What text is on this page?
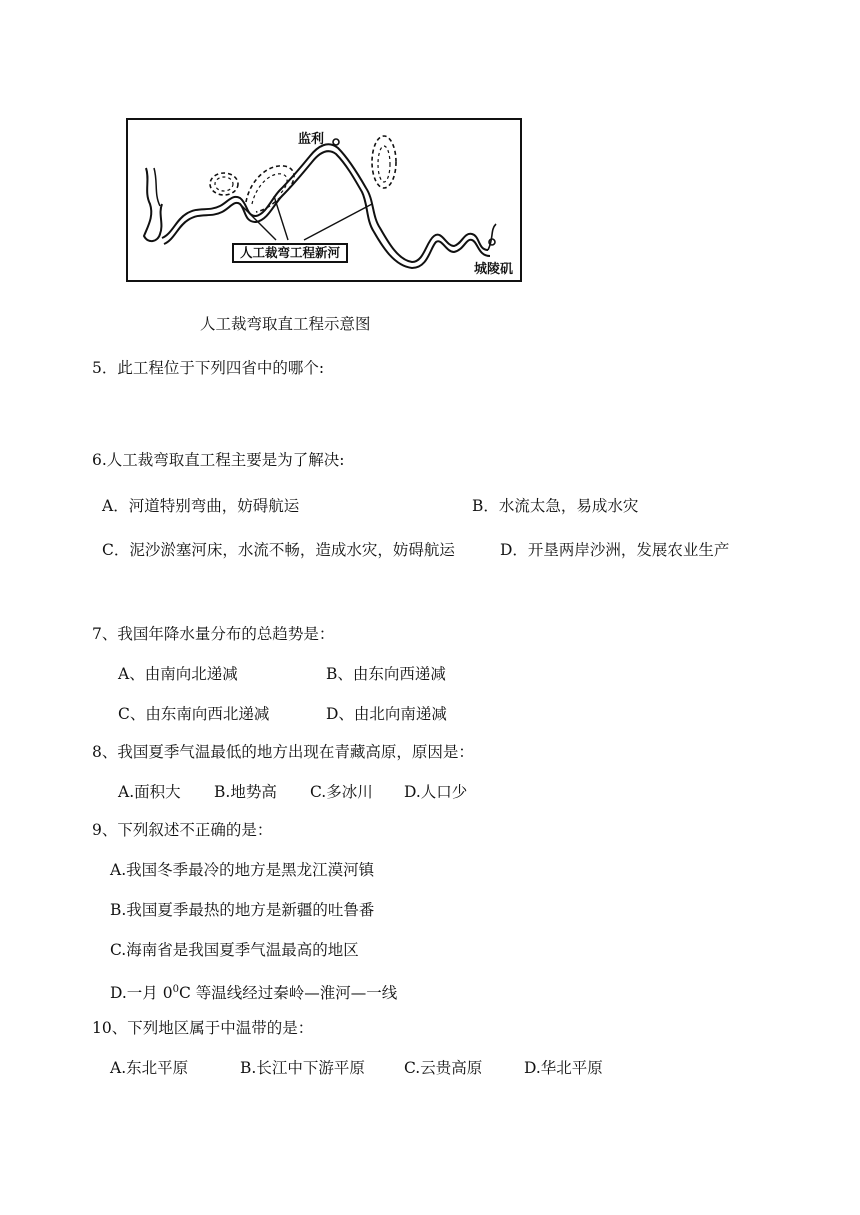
监利
城陵矶
人工裁弯工程新河
人工裁弯取直工程示意图
5．此工程位于下列四省中的哪个:
6.人工裁弯取直工程主要是为了解决:
A．河道特别弯曲，妨碍航运	B．水流太急，易成水灾
C．泥沙淤塞河床，水流不畅，造成水灾，妨碍航运	D．开垦两岸沙洲，发展农业生产
7、我国年降水量分布的总趋势是：
A、由南向北递减	B、由东向西递减
C、由东南向西北递减	D、由北向南递减
8、我国夏季气温最低的地方出现在青藏高原，原因是：
A.面积大 B.地势高 C.多冰川 D.人口少
9、下列叙述不正确的是：
A.我国冬季最冷的地方是黑龙江漠河镇
B.我国夏季最热的地方是新疆的吐鲁番
C.海南省是我国夏季气温最高的地区
D.一月 $0^0C$ 等温线经过秦岭—淮河—一线
10、下列地区属于中温带的是：
A.东北平原	B.长江中下游平原	C.云贵高原	D.华北平原
